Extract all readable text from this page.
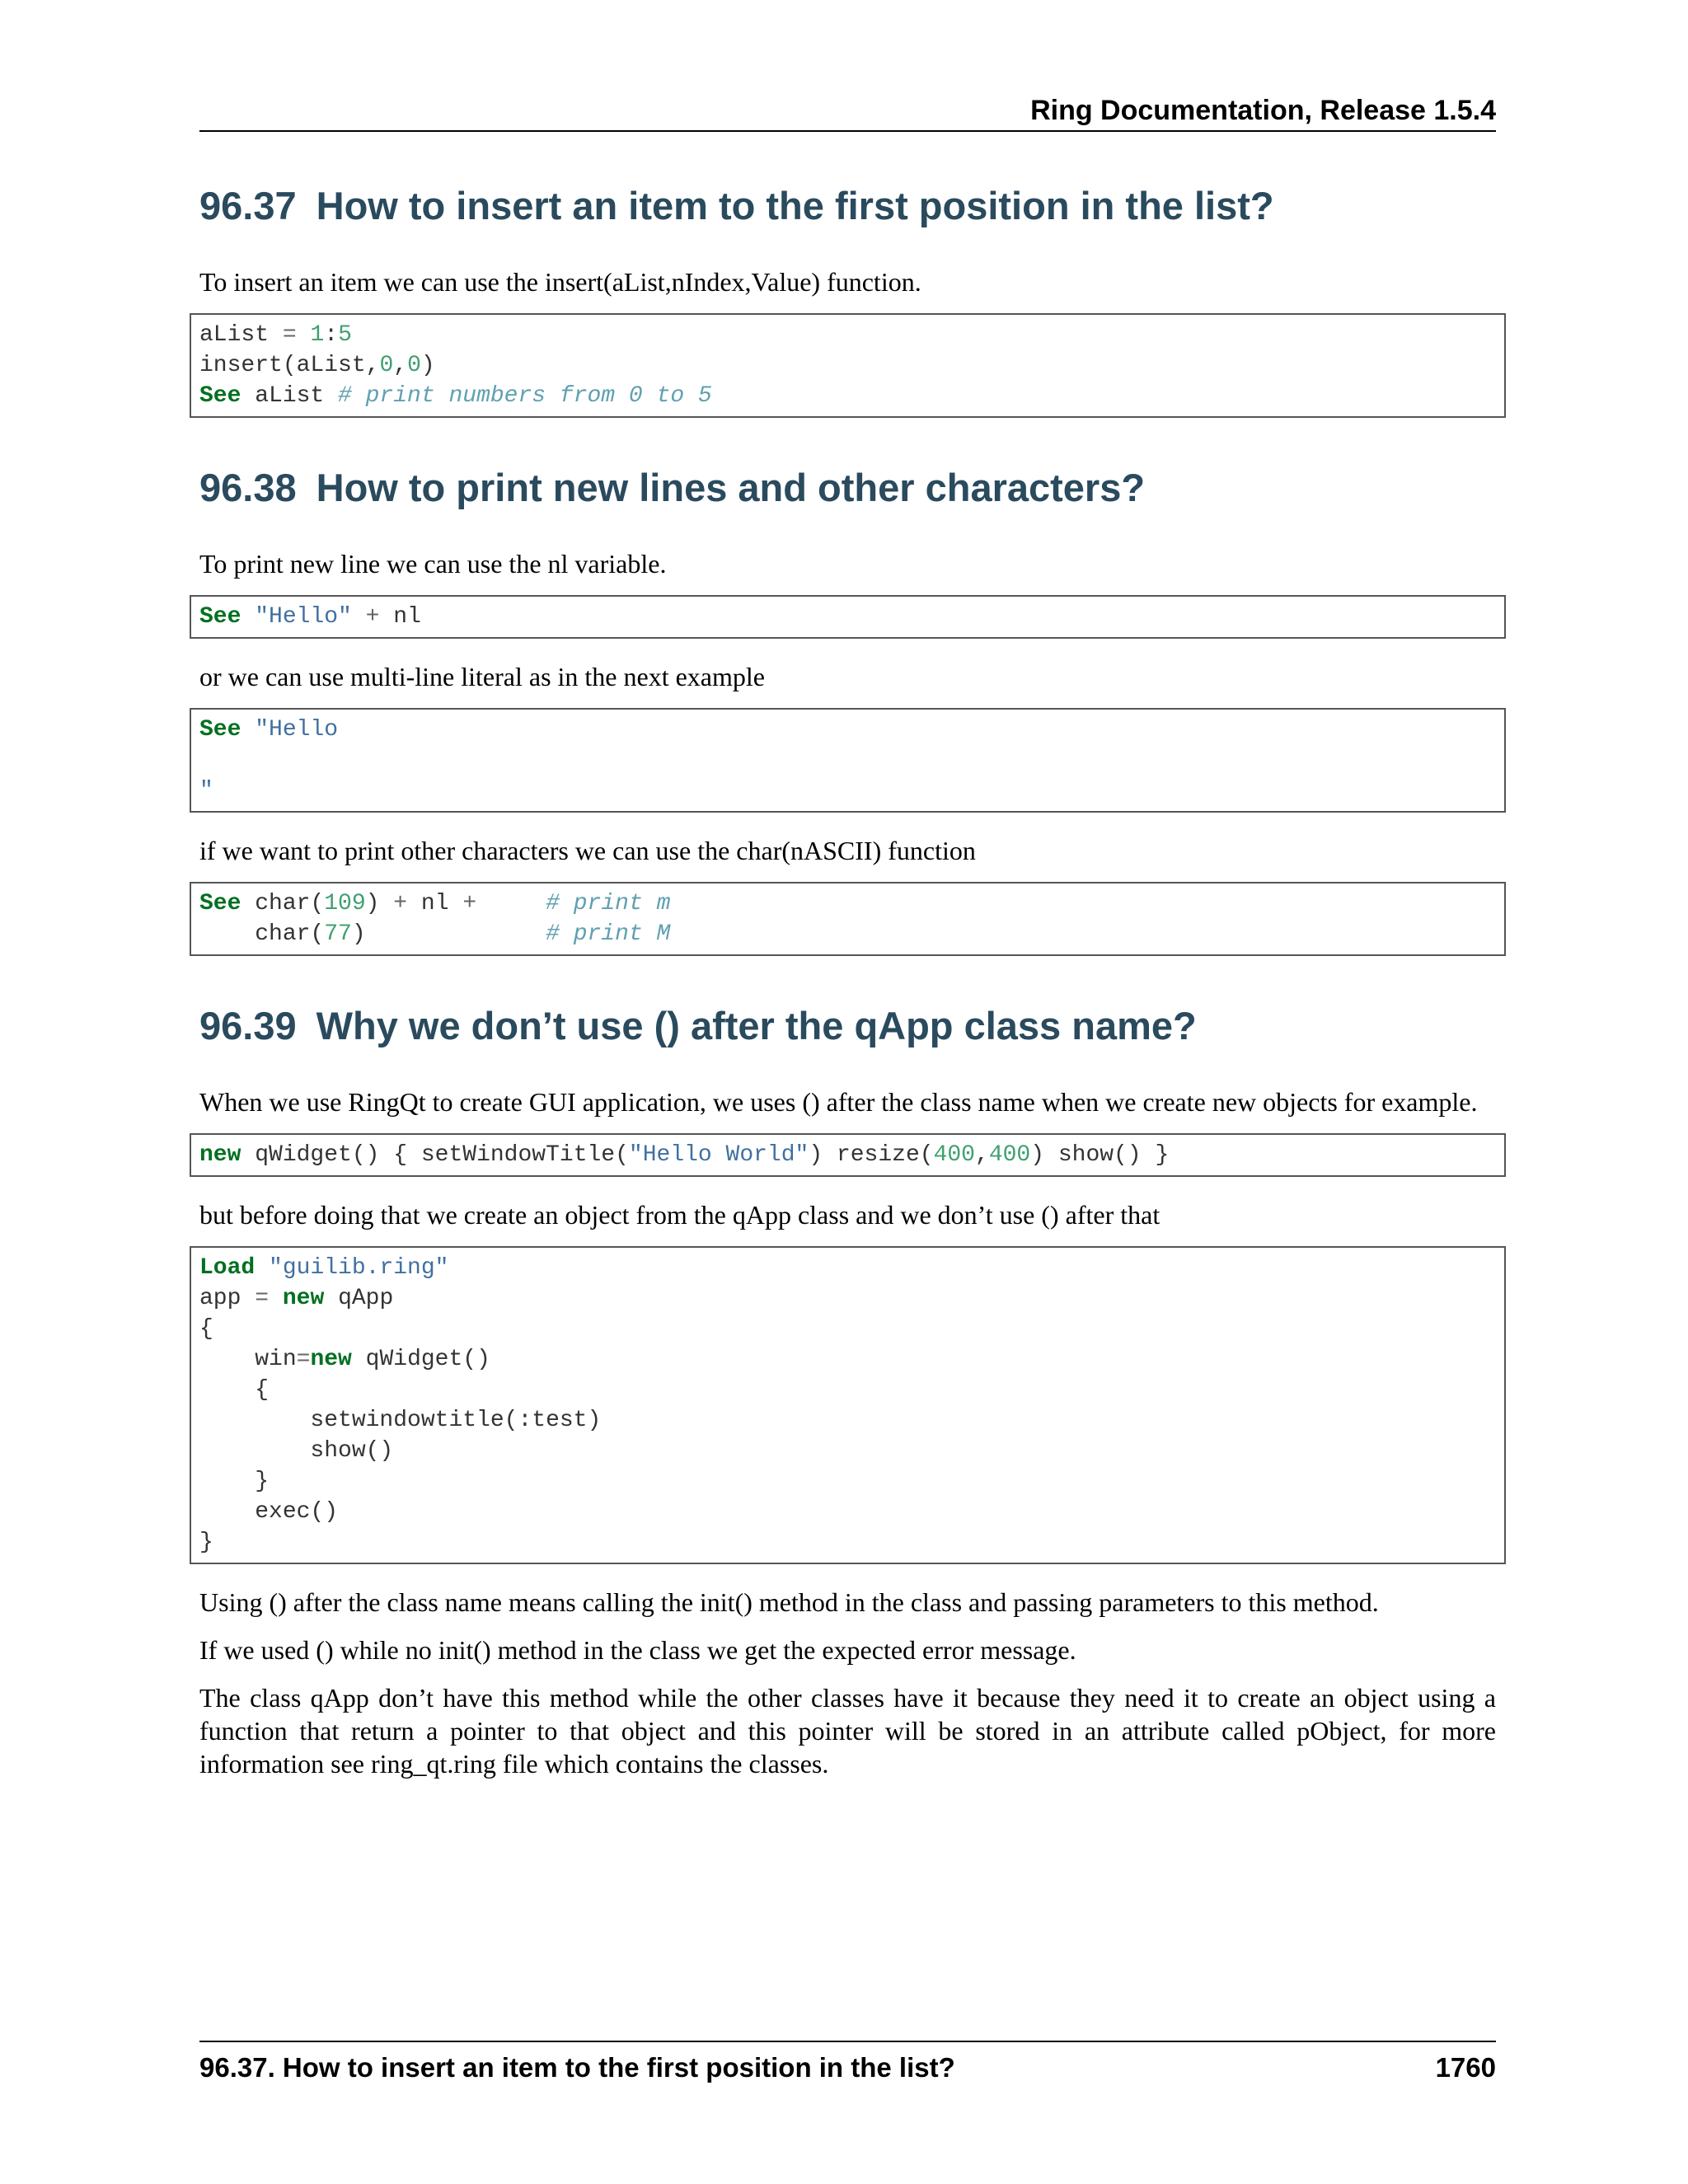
Ring Documentation, Release 1.5.4
96.37 How to insert an item to the first position in the list?

To insert an item we can use the insert(aList,nIndex,Value) function.

aList = 1:5
insert(aList,0,0)
See aList # print numbers from 0 to 5
96.38 How to print new lines and other characters?

To print new line we can use the nl variable.

See "Hello" + nl

or we can use multi-line literal as in the next example

See "Hello
"

if we want to print other characters we can use the char(nASCII) function

See char(109) + nl +	# print m
char(77)	# print M
96.39 Why we don’t use () after the qApp class name?

When we use RingQt to create GUI application, we uses () after the class name when we create new objects for example.

new qWidget() { setWindowTitle("Hello World") resize(400,400) show() }

but before doing that we create an object from the qApp class and we don’t use () after that

Load "guilib.ring"
app = new qApp
{
win=new qWidget()
{
setwindowtitle(:test)
show()
}
exec()
}

Using () after the class name means calling the init() method in the class and passing parameters to this method.

If we used () while no init() method in the class we get the expected error message.

The class qApp don’t have this method while the other classes have it because they need it to create an object using a function that return a pointer to that object and this pointer will be stored in an attribute called pObject, for more information see ring_qt.ring file which contains the classes.

96.37. How to insert an item to the first position in the list?	1760
